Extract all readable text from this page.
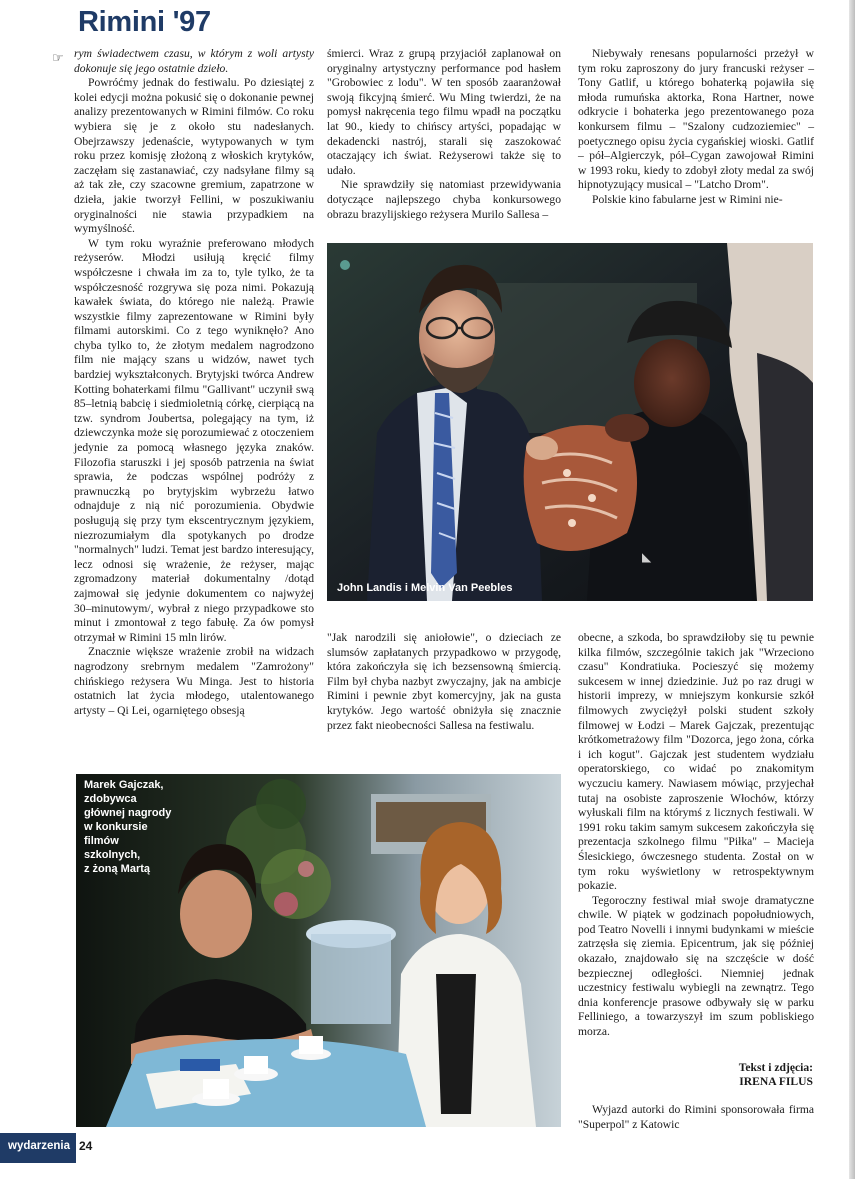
Rimini '97
☞ rym świadectwem czasu, w którym z woli artysty dokonuje się jego ostatnie dzieło.

Powróćmy jednak do festiwalu. Po dziesiątej z kolei edycji można pokusić się o dokonanie pewnej analizy prezentowanych w Rimini filmów. Co roku wybiera się je z około stu nadesłanych. Obejrzawszy jedenaście, wytypowanych w tym roku przez komisję złożoną z włoskich krytyków, zaczęłam się zastanawiać, czy nadsyłane filmy są aż tak złe, czy szacowne gremium, zapatrzone w dzieła, jakie tworzył Fellini, w poszukiwaniu oryginalności nie stawia przypadkiem na wymyślność.

W tym roku wyraźnie preferowano młodych reżyserów. Młodzi usiłują kręcić filmy współczesne i chwała im za to, tyle tylko, że ta współczesność rozgrywa się poza nimi. Pokazują kawałek świata, do którego nie należą. Prawie wszystkie filmy zaprezentowane w Rimini były filmami autorskimi. Co z tego wyniknęło? Ano chyba tylko to, że złotym medalem nagrodzono film nie mający szans u widzów, nawet tych bardziej wykształconych. Brytyjski twórca Andrew Kotting bohaterkami filmu "Gallivant" uczynił swą 85–letnią babcię i siedmioletnią córkę, cierpiącą na tzw. syndrom Joubertsa, polegający na tym, iż dziewczynka może się porozumiewać z otoczeniem jedynie za pomocą własnego języka znaków. Filozofia staruszki i jej sposób patrzenia na świat sprawia, że podczas wspólnej podróży z prawnuczką po brytyjskim wybrzeżu łatwo odnajduje z nią nić porozumienia. Obydwie posługują się przy tym ekscentrycznym językiem, niezrozumiałym dla spotykanych po drodze "normalnych" ludzi. Temat jest bardzo interesujący, lecz odnosi się wrażenie, że reżyser, mając zgromadzony materiał dokumentalny /dotąd zajmował się jedynie dokumentem co najwyżej 30–minutowym/, wybrał z niego przypadkowe sto minut i zmontował z tego fabułę. Za ów pomysł otrzymał w Rimini 15 mln lirów.

Znacznie większe wrażenie zrobił na widzach nagrodzony srebrnym medalem "Zamrożony" chińskiego reżysera Wu Minga. Jest to historia ostatnich lat życia młodego, utalentowanego artysty – Qi Lei, ogarniętego obsesją

śmierci. Wraz z grupą przyjaciół zaplanował on oryginalny artystyczny performance pod hasłem "Grobowiec z lodu". W ten sposób zaaranżował swoją fikcyjną śmierć. Wu Ming twierdzi, że na pomysł nakręcenia tego filmu wpadł na początku lat 90., kiedy to chińscy artyści, popadając w dekadencki nastrój, starali się zaszokować otaczający ich świat. Reżyserowi także się to udało.

Nie sprawdziły się natomiast przewidywania dotyczące najlepszego chyba konkursowego obrazu brazylijskiego reżysera Murilo Sallesa –

Niebywały renesans popularności przeżył w tym roku zaproszony do jury francuski reżyser – Tony Gatlif, u którego bohaterką pojawiła się młoda rumuńska aktorka, Rona Hartner, nowe odkrycie i bohaterka jego prezentowanego poza konkursem filmu – "Szalony cudzoziemiec" – poetycznego opisu życia cygańskiej wioski. Gatlif – pół–Algierczyk, pół–Cygan zawojował Rimini w 1993 roku, kiedy to zdobył złoty medal za swój hipnotyzujący musical – "Latcho Drom".

Polskie kino fabularne jest w Rimini nie-

◣
John Landis i Melvin Van Peebles

"Jak narodzili się aniołowie", o dzieciach ze slumsów zapłatanych przypadkowo w przygodę, która zakończyła się ich bezsensowną śmiercią. Film był chyba nazbyt zwyczajny, jak na ambicje Rimini i pewnie zbyt komercyjny, jak na gusta krytyków. Jego wartość obniżyła się znacznie przez fakt nieobecności Sallesa na festiwalu.

obecne, a szkoda, bo sprawdziłoby się tu pewnie kilka filmów, szczególnie takich jak "Wrzeciono czasu" Kondratiuka. Pocieszyć się możemy sukcesem w innej dziedzinie. Już po raz drugi w historii imprezy, w mniejszym konkursie szkół filmowych zwyciężył polski student szkoły filmowej w Łodzi – Marek Gajczak, prezentując krótkometrażowy film "Dozorca, jego żona, córka i ich kogut". Gajczak jest studentem wydziału operatorskiego, co widać po znakomitym wyczuciu kamery. Nawiasem mówiąc, przyjechał tutaj na osobiste zaproszenie Włochów, którzy wyłuskali film na którymś z licznych festiwali. W 1991 roku takim samym sukcesem zakończyła się prezentacja szkolnego filmu "Piłka" – Macieja Ślesickiego, ówczesnego studenta. Został on w tym roku wyświetlony w retrospektywnym pokazie.

Tegoroczny festiwal miał swoje dramatyczne chwile. W piątek w godzinach popołudniowych, pod Teatro Novelli i innymi budynkami w mieście zatrzęsła się ziemia. Epicentrum, jak się później okazało, znajdowało się na szczęście w dość bezpiecznej odległości. Niemniej jednak uczestnicy festiwalu wybiegli na zewnątrz. Tego dnia konferencje prasowe odbywały się w parku Felliniego, a towarzyszył im szum pobliskiego morza.

Marek Gajczak,
zdobywca
głównej nagrody
w konkursie
filmów
szkolnych,
z żoną Martą
Tekst i zdjęcia:
IRENA FILUS
Wyjazd autorki do Rimini sponsorowała firma "Superpol" z Katowic
wydarzenia 24
